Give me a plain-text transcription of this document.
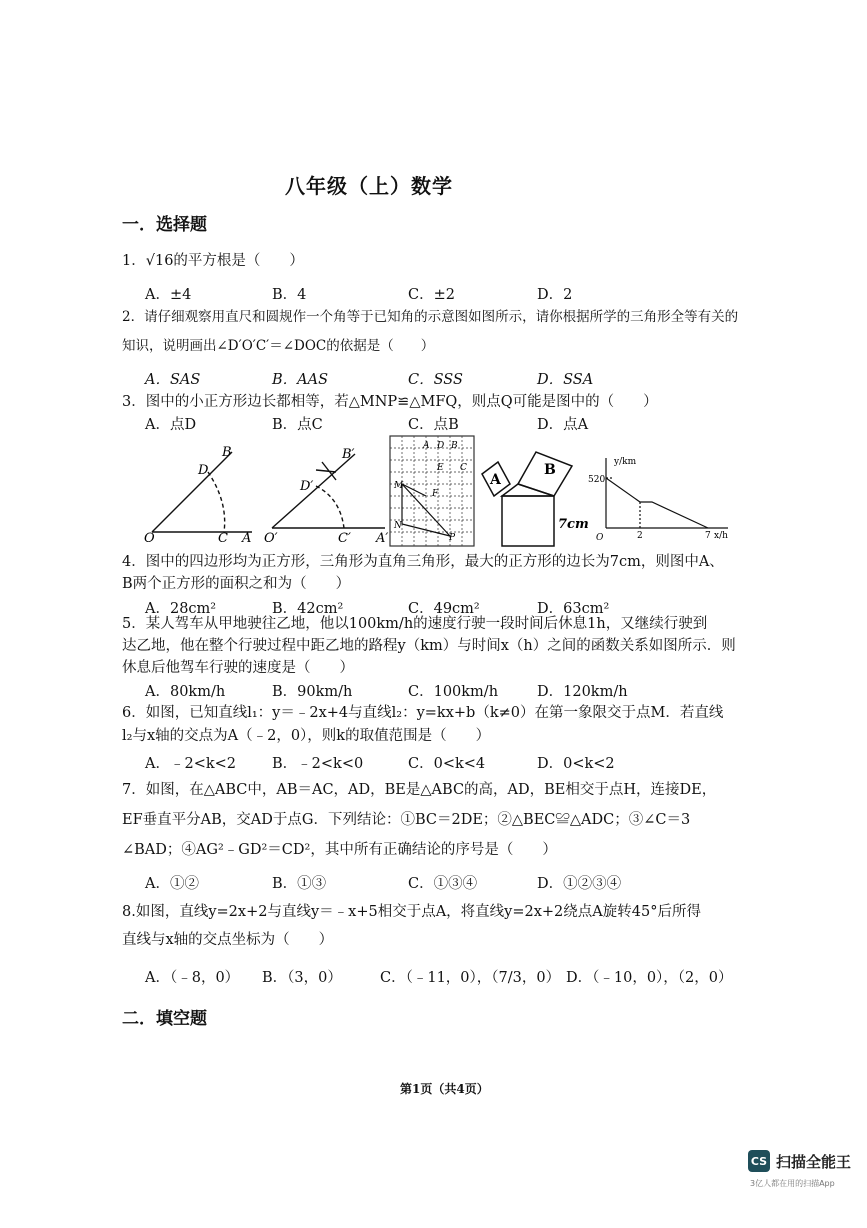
八年级（上）数学
一．选择题
1．√16的平方根是（　　）
A．±4	B．4	C．±2	D．2
2．请仔细观察用直尺和圆规作一个角等于已知角的示意图如图所示，请你根据所学的三角形全等有关的
知识，说明画出∠D′O′C′＝∠DOC的依据是（　　）
A．SAS	B．AAS	C．SSS	D．SSA
3．图中的小正方形边长都相等，若△MNP≌△MFQ，则点Q可能是图中的（　　）
A．点D	B．点C	C．点B	D．点A
O	C A
D
B
O′	C′ A′
D′
B′
A D B
E C
M
F
N
P
A
B
7cm
y/km
520
O	2	7 x/h
4．图中的四边形均为正方形，三角形为直角三角形，最大的正方形的边长为7cm，则图中A、
B两个正方形的面积之和为（　　）
A．28cm²	B．42cm²	C．49cm²	D．63cm²
5．某人驾车从甲地驶往乙地，他以100km/h的速度行驶一段时间后休息1h，又继续行驶到
达乙地，他在整个行驶过程中距乙地的路程y（km）与时间x（h）之间的函数关系如图所示．则
休息后他驾车行驶的速度是（　　）
A．80km/h	B．90km/h	C．100km/h	D．120km/h
6．如图，已知直线l₁：y＝﹣2x+4与直线l₂：y=kx+b（k≠0）在第一象限交于点M．若直线
l₂与x轴的交点为A（﹣2，0），则k的取值范围是（　　）
A．﹣2<k<2 B．﹣2<k<0	C．0<k<4	D．0<k<2
7．如图，在△ABC中，AB＝AC，AD，BE是△ABC的高，AD，BE相交于点H，连接DE，
EF垂直平分AB，交AD于点G．下列结论：①BC＝2DE；②△BEC≌△ADC；③∠C＝3
∠BAD；④AG²﹣GD²＝CD²，其中所有正确结论的序号是（　　）
A．①②	B．①③	C．①③④	D．①②③④
8.如图，直线y=2x+2与直线y＝﹣x+5相交于点A，将直线y=2x+2绕点A旋转45°后所得
直线与x轴的交点坐标为（　　）
A．（﹣8，0） B．（3，0）	C．（﹣11，0），（7/3，0） D．（﹣10，0），（2，0）
二．填空题
第1页（共4页）
CS 扫描全能王
3亿人都在用的扫描App
